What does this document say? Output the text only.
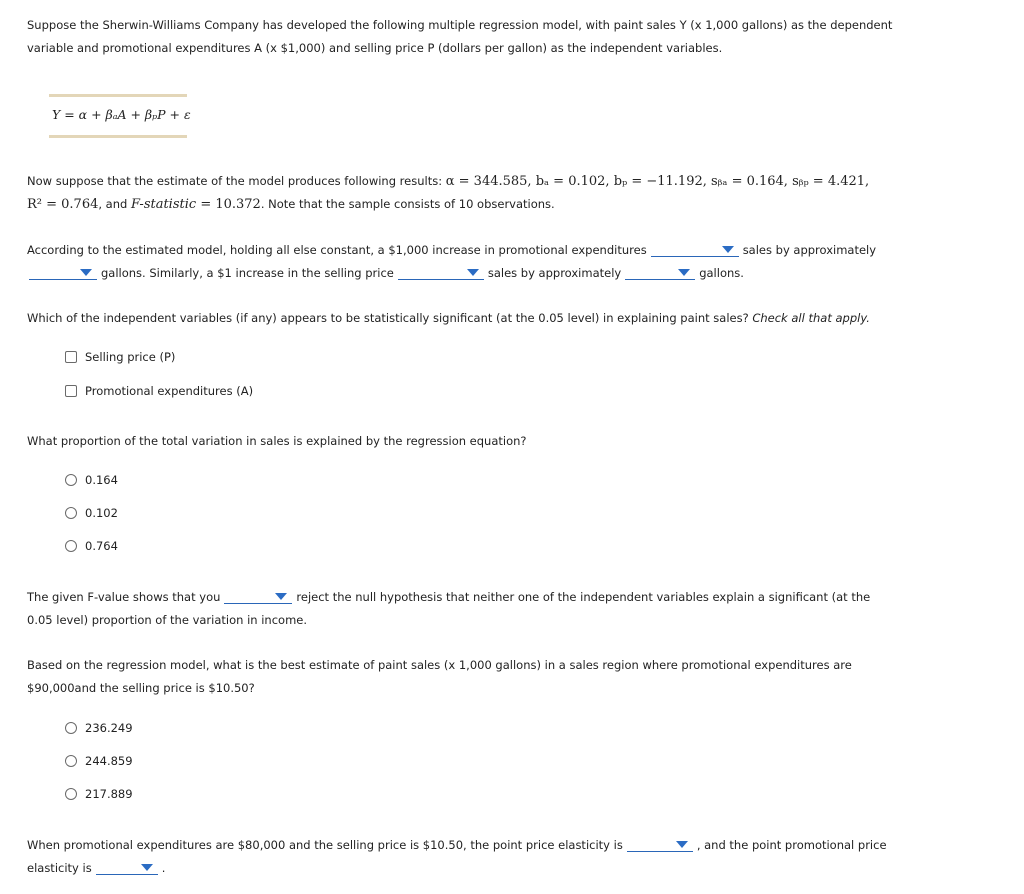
Suppose the Sherwin-Williams Company has developed the following multiple regression model, with paint sales Y (x 1,000 gallons) as the dependent

variable and promotional expenditures A (x $1,000) and selling price P (dollars per gallon) as the independent variables.

Y = α + βₐA + βₚP + ε

Now suppose that the estimate of the model produces following results: α = 344.585, bₐ = 0.102, bₚ = −11.192, sᵦₐ = 0.164, sᵦₚ = 4.421,

R² = 0.764, and F-statistic = 10.372. Note that the sample consists of 10 observations.

According to the estimated model, holding all else constant, a $1,000 increase in promotional expenditures	sales by approximately

gallons. Similarly, a $1 increase in the selling price	sales by approximately	gallons.

Which of the independent variables (if any) appears to be statistically significant (at the 0.05 level) in explaining paint sales? Check all that apply.

Selling price (P)
Promotional expenditures (A)

What proportion of the total variation in sales is explained by the regression equation?

0.164
0.102
0.764

The given F-value shows that you	reject the null hypothesis that neither one of the independent variables explain a significant (at the

0.05 level) proportion of the variation in income.

Based on the regression model, what is the best estimate of paint sales (x 1,000 gallons) in a sales region where promotional expenditures are

$90,000and the selling price is $10.50?

236.249
244.859
217.889

When promotional expenditures are $80,000 and the selling price is $10.50, the point price elasticity is	, and the point promotional price

elasticity is	.
